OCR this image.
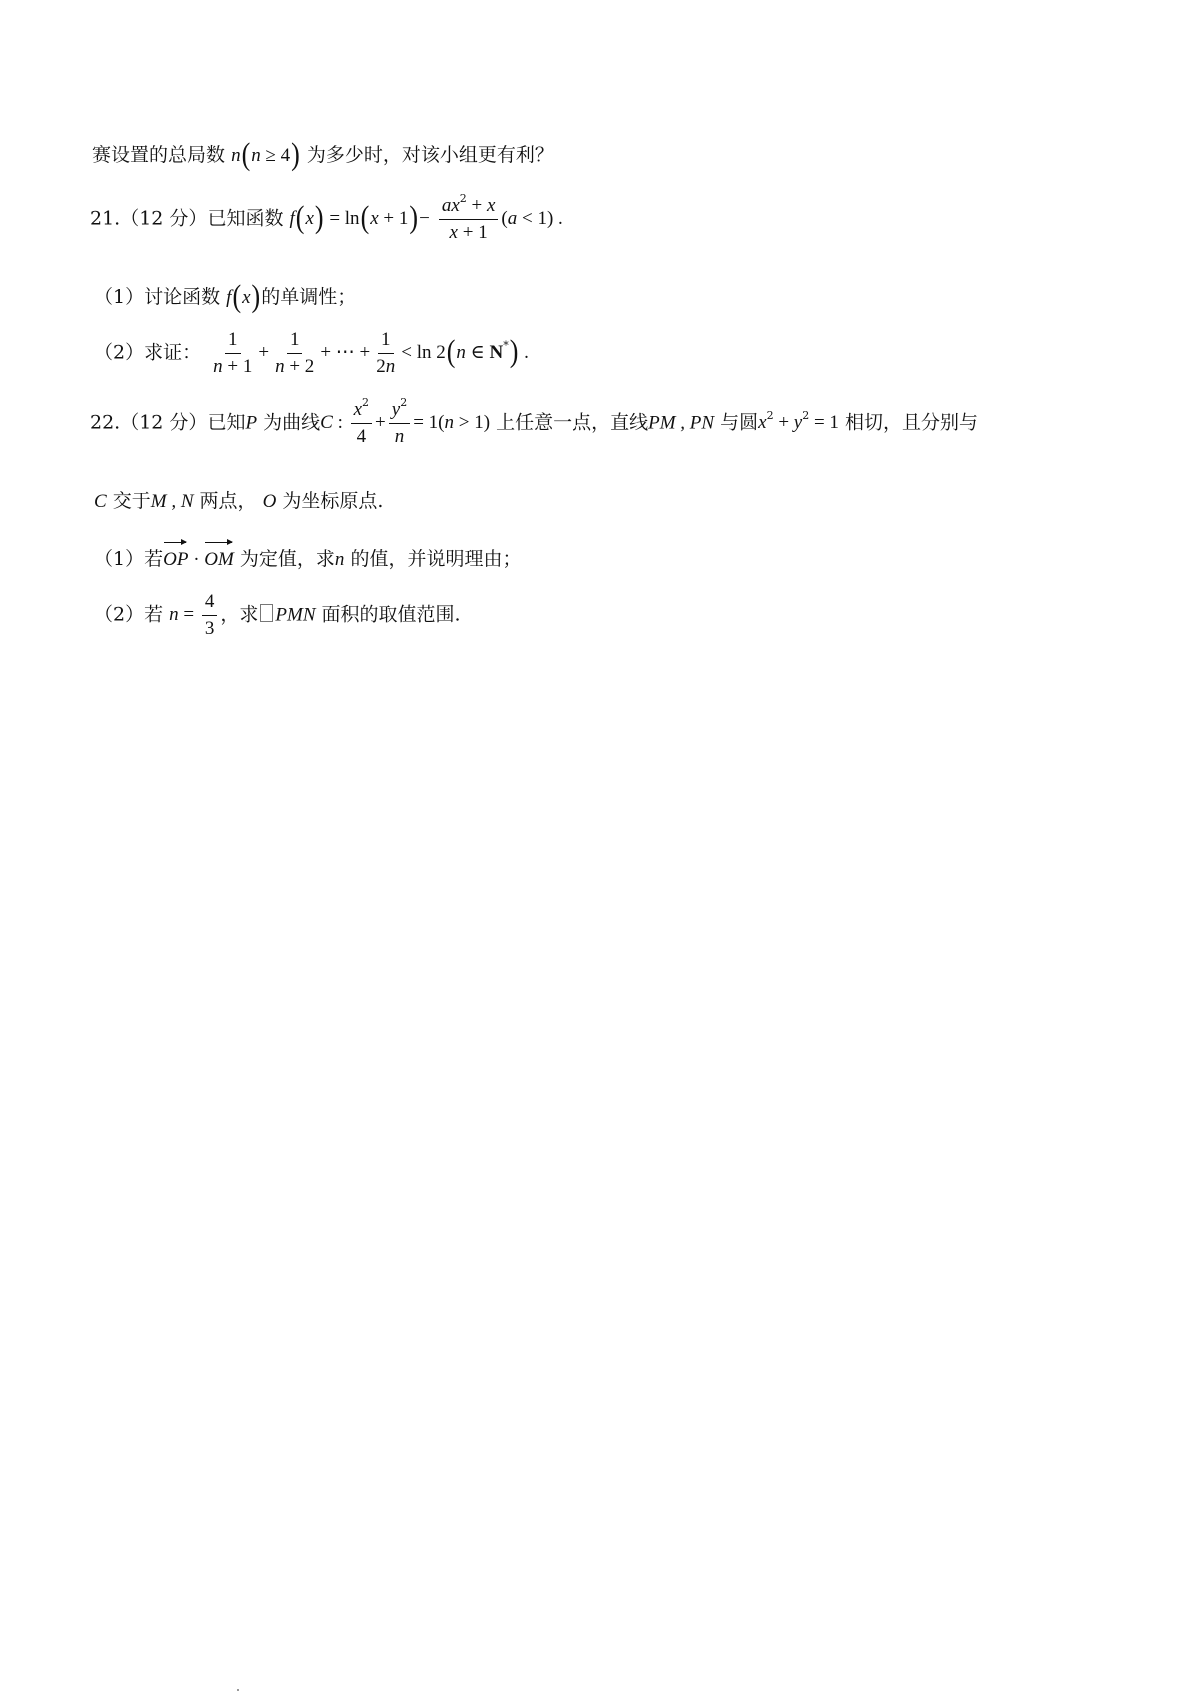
赛设置的总局数 n(n ≥ 4) 为多少时，对该小组更有利？
21.（12 分）已知函数 $f(x) = \ln(x + 1)- \frac{ax^2 + x}{x + 1} (a < 1)$ .
（1）讨论函数 f(x)的单调性；
（2）求证： $\frac{1}{n + 1} + \frac{1}{n + 2}$ + ⋯ + $\frac{1}{2n} < \ln 2(n$ ∈ N*) .
22.（12 分）已知P 为曲线C : $\frac{x^2}{4} + \frac{y^2}{n} = 1(n > 1)$ 上任意一点，直线PM , PN 与圆$x^2 + y^2 = 1$ 相切，且分别与
C 交于M , N 两点， O 为坐标原点.
（1）若OP · OM 为定值，求n 的值，并说明理由；
（2）若 $n = \frac{4}{3}$ ，求 PMN 面积的取值范围.
